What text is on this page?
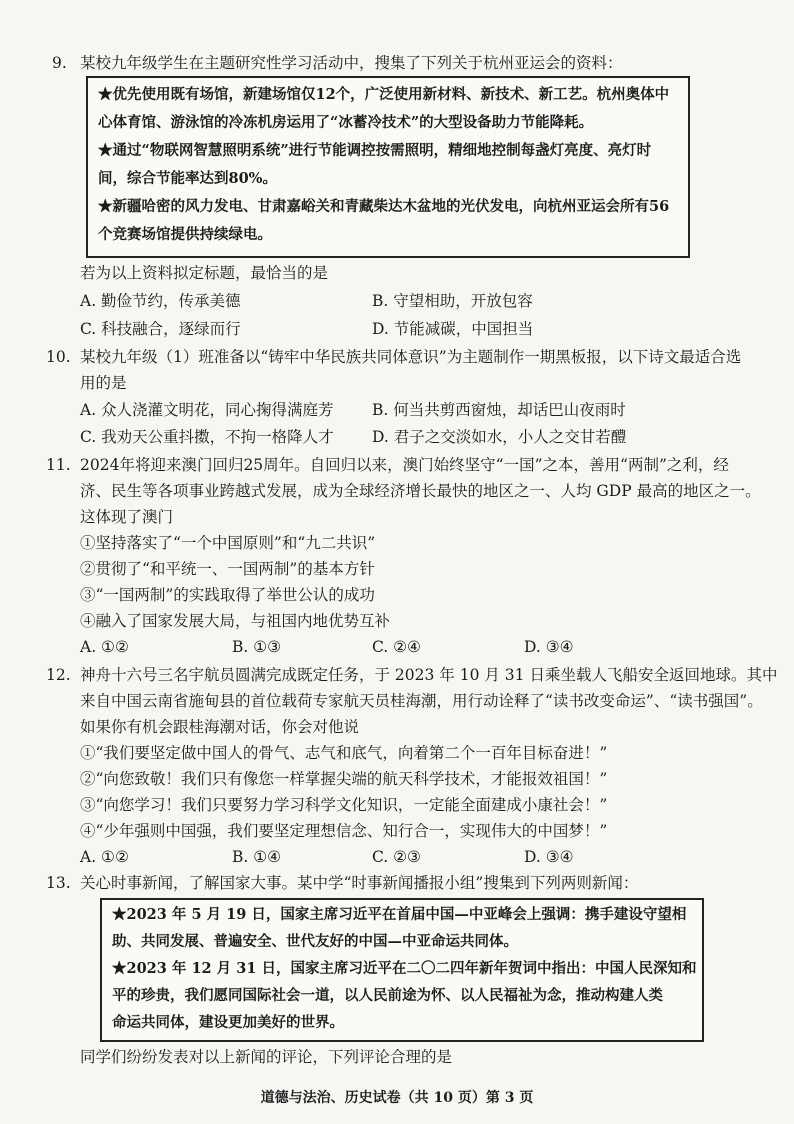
9. 某校九年级学生在主题研究性学习活动中，搜集了下列关于杭州亚运会的资料：
★优先使用既有场馆，新建场馆仅12个，广泛使用新材料、新技术、新工艺。杭州奥体中
心体育馆、游泳馆的冷冻机房运用了“冰蓄冷技术”的大型设备助力节能降耗。
★通过“物联网智慧照明系统”进行节能调控按需照明，精细地控制每盏灯亮度、亮灯时
间，综合节能率达到80%。
★新疆哈密的风力发电、甘肃嘉峪关和青藏柴达木盆地的光伏发电，向杭州亚运会所有56
个竞赛场馆提供持续绿电。
若为以上资料拟定标题，最恰当的是
A. 勤俭节约，传承美德	B. 守望相助，开放包容
C. 科技融合，逐绿而行	D. 节能减碳，中国担当
10. 某校九年级（1）班准备以“铸牢中华民族共同体意识”为主题制作一期黑板报，以下诗文最适合选
用的是
A. 众人浇灌文明花，同心掬得满庭芳 B. 何当共剪西窗烛，却话巴山夜雨时
C. 我劝天公重抖擞，不拘一格降人才 D. 君子之交淡如水，小人之交甘若醴
11. 2024年将迎来澳门回归25周年。自回归以来，澳门始终坚守“一国”之本，善用“两制”之利，经
济、民生等各项事业跨越式发展，成为全球经济增长最快的地区之一、人均 GDP 最高的地区之一。
这体现了澳门
①坚持落实了“一个中国原则”和“九二共识”
②贯彻了“和平统一、一国两制”的基本方针
③“一国两制”的实践取得了举世公认的成功
④融入了国家发展大局，与祖国内地优势互补
A. ①②	B. ①③	C. ②④	D. ③④
12. 神舟十六号三名宇航员圆满完成既定任务，于 2023 年 10 月 31 日乘坐载人飞船安全返回地球。其中
来自中国云南省施甸县的首位载荷专家航天员桂海潮，用行动诠释了“读书改变命运”、“读书强国”。
如果你有机会跟桂海潮对话，你会对他说
①“我们要坚定做中国人的骨气、志气和底气，向着第二个一百年目标奋进！”
②“向您致敬！我们只有像您一样掌握尖端的航天科学技术，才能报效祖国！”
③“向您学习！我们只要努力学习科学文化知识，一定能全面建成小康社会！”
④“少年强则中国强，我们要坚定理想信念、知行合一，实现伟大的中国梦！”
A. ①②	B. ①④	C. ②③	D. ③④
13. 关心时事新闻，了解国家大事。某中学“时事新闻播报小组”搜集到下列两则新闻：
★2023 年 5 月 19 日，国家主席习近平在首届中国—中亚峰会上强调：携手建设守望相
助、共同发展、普遍安全、世代友好的中国—中亚命运共同体。
★2023 年 12 月 31 日，国家主席习近平在二〇二四年新年贺词中指出：中国人民深知和
平的珍贵，我们愿同国际社会一道，以人民前途为怀、以人民福祉为念，推动构建人类
命运共同体，建设更加美好的世界。
同学们纷纷发表对以上新闻的评论，下列评论合理的是
道德与法治、历史试卷（共 10 页）第 3 页
